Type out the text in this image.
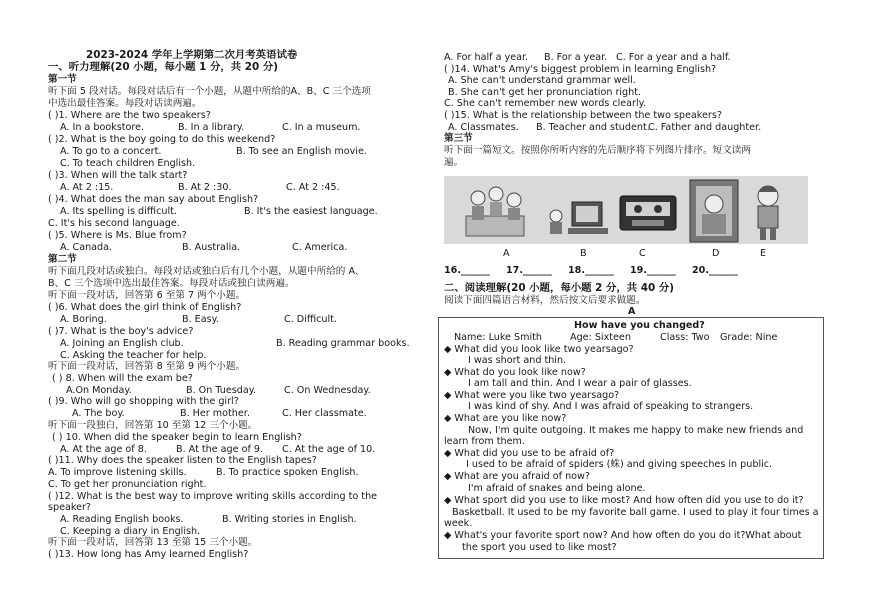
2023-2024 学年上学期第二次月考英语试卷
一、听力理解(20 小题，每小题 1 分，共 20 分)
第一节
听下面 5 段对话。每段对话后有一个小题，从题中所给的A、B、C 三个选项
中选出最佳答案。每段对话读两遍。
( )1. Where are the two speakers?
A. In a bookstore.	B. In a library.	C. In a museum.
( )2. What is the boy going to do this weekend?
A. To go to a concert.	B. To see an English movie.
C. To teach children English.
( )3. When will the talk start?
A. At 2 :15.	B. At 2 :30.	C. At 2 :45.
( )4. What does the man say about English?
A. Its spelling is difficult.	B. It's the easiest language.
C. It's his second language.
( )5. Where is Ms. Blue from?
A. Canada.	B. Australia.	C. America.
第二节
听下面几段对话或独白。每段对话或独白后有几个小题，从题中所给的 A、
B、C 三个选项中选出最佳答案。每段对话或独白读两遍。
听下面一段对话，回答第 6 至第 7 两个小题。
( )6. What does the girl think of English?
A. Boring.	B. Easy.	C. Difficult.
( )7. What is the boy's advice?
A. Joining an English club.	B. Reading grammar books.
C. Asking the teacher for help.
听下面一段对话，回答第 8 至第 9 两个小题。
( ) 8. When will the exam be?
A.On Monday.	B. On Tuesday.	C. On Wednesday.
( )9. Who will go shopping with the girl?
A. The boy.	B. Her mother.	C. Her classmate.
听下面一段独白，回答第 10 至第 12 三个小题。
( ) 10. When did the speaker begin to learn English?
A. At the age of 8.	B. At the age of 9. C. At the age of 10.
( )11. Why does the speaker listen to the English tapes?
A. To improve listening skills.	B. To practice spoken English.
C. To get her pronunciation right.
( )12. What is the best way to improve writing skills according to the
speaker?
A. Reading English books.	B. Writing stories in English.
C. Keeping a diary in English.
听下面一段对话，回答第 13 至第 15 三个小题。
( )13. How long has Amy learned English?
A. For half a year. B. For a year. C. For a year and a half.
( )14. What's Amy's biggest problem in learning English?
A. She can't understand grammar well.
B. She can't get her pronunciation right.
C. She can't remember new words clearly.
( )15. What is the relationship between the two speakers?
A. Classmates. B. Teacher and student.
C. Father and daughter.
第三节
听下面一篇短文。按照你所听内容的先后顺序将下列图片排序。短文读两
遍。
A	B	C	D	E
16.______ 17.______ 18.______ 19.______ 20.______
二、阅读理解(20 小题，每小题 2 分，共 40 分)
阅读下面四篇语言材料，然后按文后要求做题。
A
How have you changed?
Name: Luke Smith	Age: Sixteen	Class: Two Grade: Nine
◆ What did you look like two yearsago?
I was short and thin.
◆ What do you look like now?
I am tall and thin. And I wear a pair of glasses.
◆ What were you like two yearsago?
I was kind of shy. And I was afraid of speaking to strangers.
◆ What are you like now?
Now, I'm quite outgoing. It makes me happy to make new friends and
learn from them.
◆ What did you use to be afraid of?
I used to be afraid of spiders (蛛) and giving speeches in public.
◆ What are you afraid of now?
I'm afraid of snakes and being alone.
◆ What sport did you use to like most? And how often did you use to do it?
Basketball. It used to be my favorite ball game. I used to play it four times a
week.
◆ What's your favorite sport now? And how often do you do it?What about
the sport you used to like most?
